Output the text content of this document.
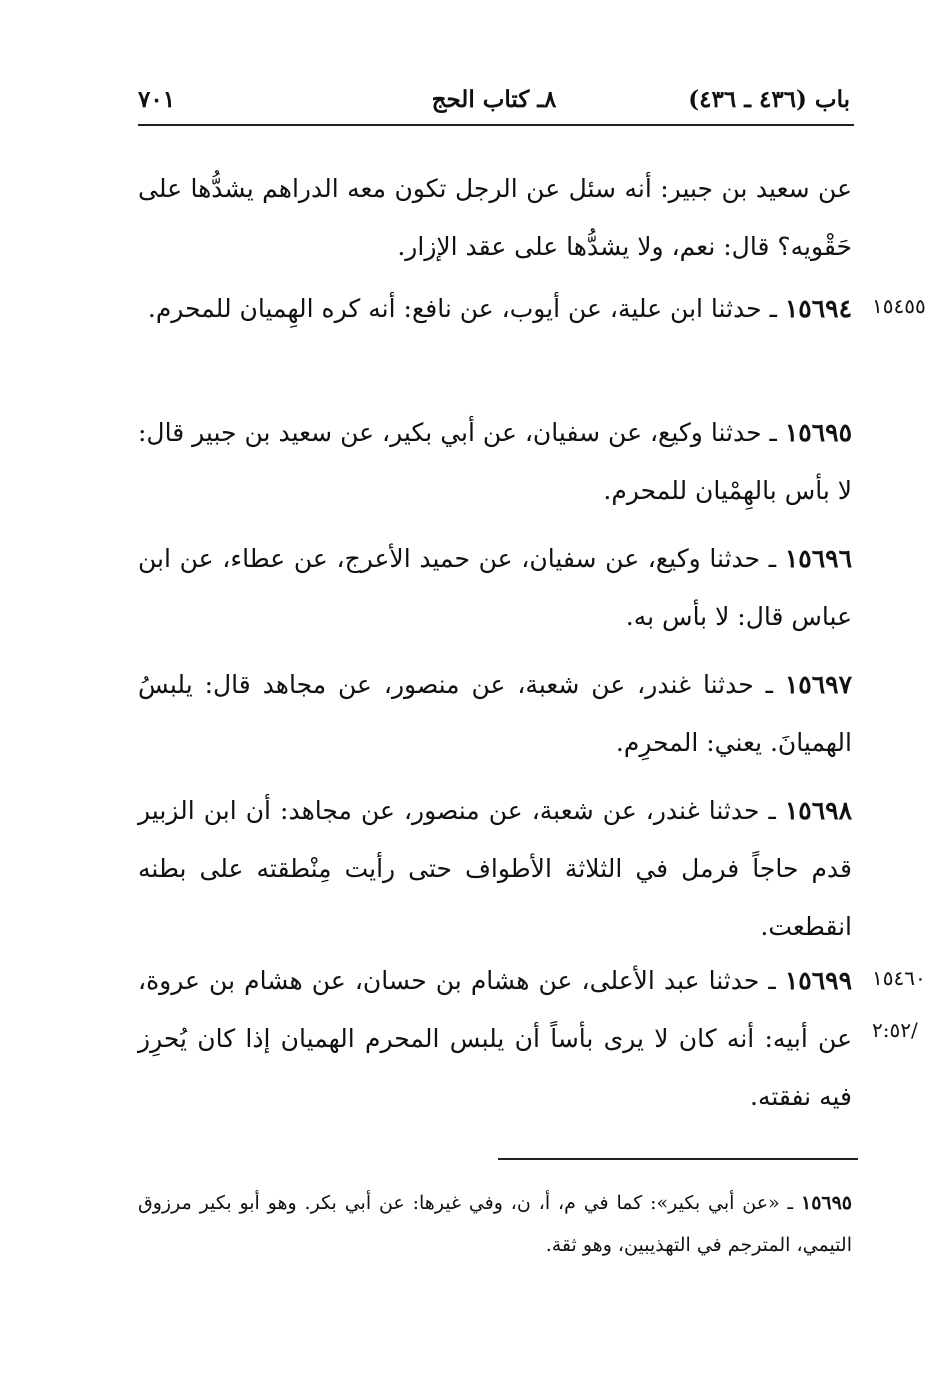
باب (٤٣٦ ـ ٤٣٦)
٨ـ كتاب الحج
٧٠١
عن سعيد بن جبير: أنه سئل عن الرجل تكون معه الدراهم يشدُّها على حَقْويه؟ قال: نعم، ولا يشدُّها على عقد الإزار.
١٥٤٥٥
١٥٦٩٤ ـ حدثنا ابن علية، عن أيوب، عن نافع: أنه كره الهِميان للمحرم.
١٥٦٩٥ ـ حدثنا وكيع، عن سفيان، عن أبي بكير، عن سعيد بن جبير قال: لا بأس بالهِمْيان للمحرم.
١٥٦٩٦ ـ حدثنا وكيع، عن سفيان، عن حميد الأعرج، عن عطاء، عن ابن عباس قال: لا بأس به.
١٥٦٩٧ ـ حدثنا غندر، عن شعبة، عن منصور، عن مجاهد قال: يلبسُ الهميانَ. يعني: المحرِم.
١٥٦٩٨ ـ حدثنا غندر، عن شعبة، عن منصور، عن مجاهد: أن ابن الزبير قدم حاجاً فرمل في الثلاثة الأطواف حتى رأيت مِنْطقته على بطنه انقطعت.
١٥٤٦٠
/٢:٥٢
١٥٦٩٩ ـ حدثنا عبد الأعلى، عن هشام بن حسان، عن هشام بن عروة، عن أبيه: أنه كان لا يرى بأساً أن يلبس المحرم الهميان إذا كان يُحرِز فيه نفقته.
١٥٦٩٥ ـ «عن أبي بكير»: كما في م، أ، ن، وفي غيرها: عن أبي بكر. وهو أبو بكير مرزوق التيمي، المترجم في التهذيبين، وهو ثقة.
